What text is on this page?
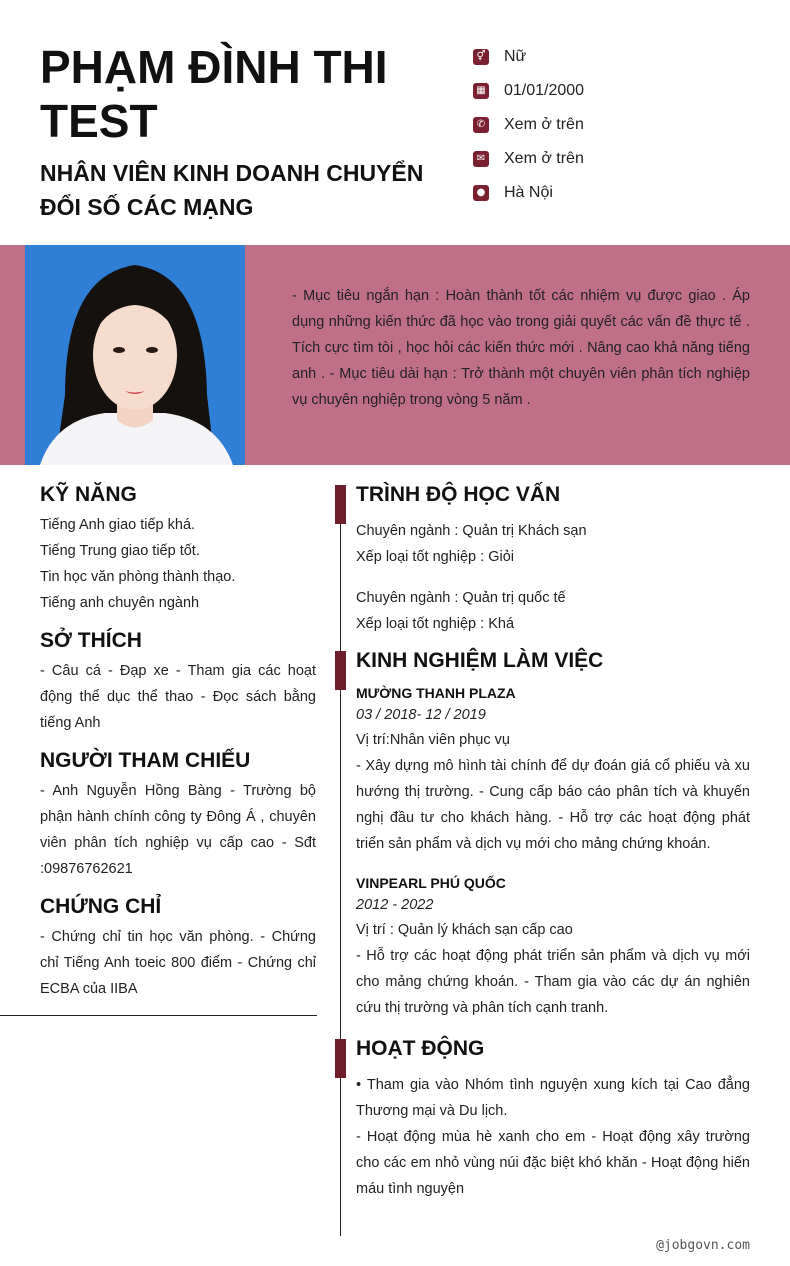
PHẠM ĐÌNH THI TEST
NHÂN VIÊN KINH DOANH CHUYỂN ĐỔI SỐ CÁC MẠNG
⚥ Nữ
▦ 01/01/2000
✆ Xem ở trên
✉ Xem ở trên
● Hà Nội
- Mục tiêu ngắn hạn : Hoàn thành tốt các nhiệm vụ được giao . Áp dụng những kiến thức đã học vào trong giải quyết các vấn đề thực tế . Tích cực tìm tòi , học hỏi các kiến thức mới . Nâng cao khả năng tiếng anh . - Mục tiêu dài hạn : Trở thành một chuyên viên phân tích nghiệp vụ chuyên nghiệp trong vòng 5 năm .
KỸ NĂNG
Tiếng Anh giao tiếp khá.
Tiếng Trung giao tiếp tốt.
Tin học văn phòng thành thạo.
Tiếng anh chuyên ngành
SỞ THÍCH
- Câu cá - Đạp xe - Tham gia các hoạt động thể dục thể thao - Đọc sách bằng tiếng Anh
NGƯỜI THAM CHIẾU
- Anh Nguyễn Hồng Bàng - Trường bộ phận hành chính công ty Đông Á , chuyên viên phân tích nghiệp vụ cấp cao - Sđt :09876762621
CHỨNG CHỈ
- Chứng chỉ tin học văn phòng. - Chứng chỉ Tiếng Anh toeic 800 điểm - Chứng chỉ ECBA của IIBA
TRÌNH ĐỘ HỌC VẤN
Chuyên ngành : Quản trị Khách sạn
Xếp loại tốt nghiệp : Giỏi
Chuyên ngành : Quản trị quốc tế
Xếp loại tốt nghiệp : Khá
KINH NGHIỆM LÀM VIỆC
MƯỜNG THANH PLAZA
03 / 2018- 12 / 2019
Vị trí:Nhân viên phục vụ
- Xây dựng mô hình tài chính để dự đoán giá cổ phiếu và xu hướng thị trường. - Cung cấp báo cáo phân tích và khuyến nghị đầu tư cho khách hàng. - Hỗ trợ các hoạt động phát triển sản phẩm và dịch vụ mới cho mảng chứng khoán.
VINPEARL PHÚ QUỐC
2012 - 2022
Vị trí : Quản lý khách sạn cấp cao
- Hỗ trợ các hoạt động phát triển sản phẩm và dịch vụ mới cho mảng chứng khoán. - Tham gia vào các dự án nghiên cứu thị trường và phân tích cạnh tranh.
HOẠT ĐỘNG
• Tham gia vào Nhóm tình nguyện xung kích tại Cao đẳng Thương mại và Du lịch.
- Hoạt động mùa hè xanh cho em - Hoạt động xây trường cho các em nhỏ vùng núi đặc biệt khó khăn - Hoạt động hiến máu tình nguyện
@jobgovn.com
